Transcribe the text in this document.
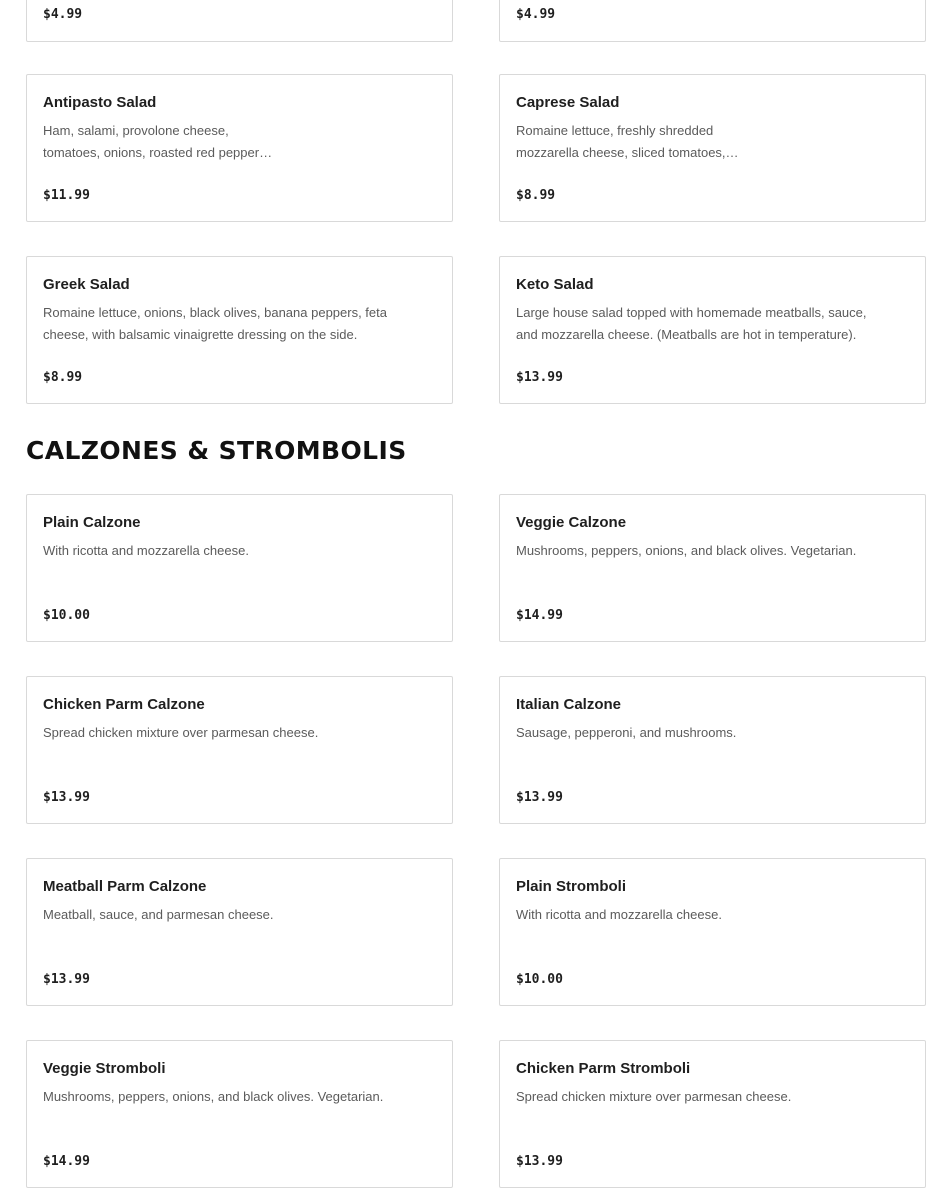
$4.99	$4.99
Antipasto Salad
Ham, salami, provolone cheese,
tomatoes, onions, roasted red pepper…
$11.99
Caprese Salad
Romaine lettuce, freshly shredded
mozzarella cheese, sliced tomatoes,…
$8.99
Greek Salad
Romaine lettuce, onions, black olives, banana peppers, feta
cheese, with balsamic vinaigrette dressing on the side.
$8.99
Keto Salad
Large house salad topped with homemade meatballs, sauce,
and mozzarella cheese. (Meatballs are hot in temperature).
$13.99
CALZONES & STROMBOLIS
Plain Calzone
With ricotta and mozzarella cheese.
$10.00
Veggie Calzone
Mushrooms, peppers, onions, and black olives. Vegetarian.
$14.99
Chicken Parm Calzone
Spread chicken mixture over parmesan cheese.
$13.99
Italian Calzone
Sausage, pepperoni, and mushrooms.
$13.99
Meatball Parm Calzone
Meatball, sauce, and parmesan cheese.
$13.99
Plain Stromboli
With ricotta and mozzarella cheese.
$10.00
Veggie Stromboli
Mushrooms, peppers, onions, and black olives. Vegetarian.
$14.99
Chicken Parm Stromboli
Spread chicken mixture over parmesan cheese.
$13.99
